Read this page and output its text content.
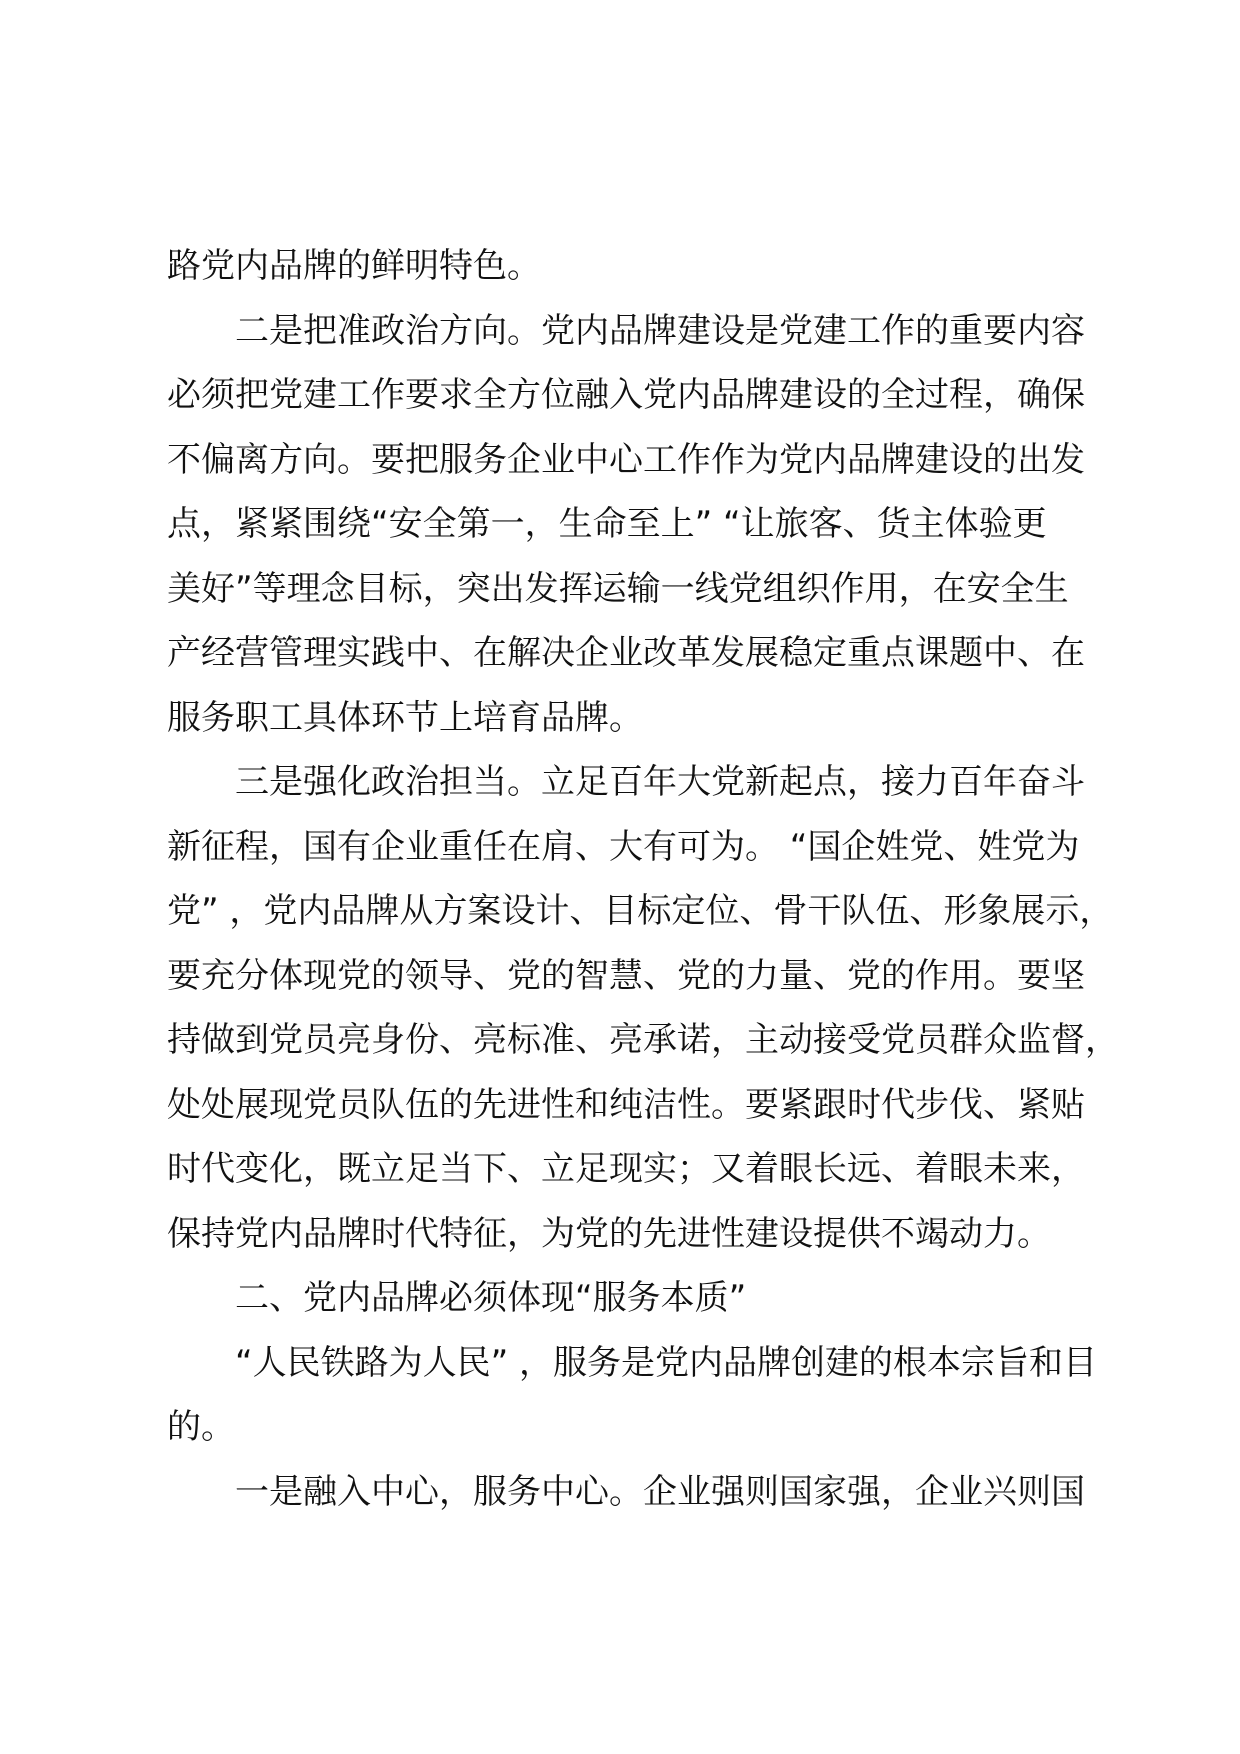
路党内品牌的鲜明特色。
二是把准政治方向。党内品牌建设是党建工作的重要内容
必须把党建工作要求全方位融入党内品牌建设的全过程，确保
不偏离方向。要把服务企业中心工作作为党内品牌建设的出发
点，紧紧围绕“安全第一，生命至上” “让旅客、货主体验更
美好”等理念目标，突出发挥运输一线党组织作用，在安全生
产经营管理实践中、在解决企业改革发展稳定重点课题中、在
服务职工具体环节上培育品牌。
三是强化政治担当。立足百年大党新起点，接力百年奋斗
新征程，国有企业重任在肩、大有可为。 “国企姓党、姓党为
党” ，党内品牌从方案设计、目标定位、骨干队伍、形象展示，
要充分体现党的领导、党的智慧、党的力量、党的作用。要坚
持做到党员亮身份、亮标准、亮承诺，主动接受党员群众监督，
处处展现党员队伍的先进性和纯洁性。要紧跟时代步伐、紧贴
时代变化，既立足当下、立足现实；又着眼长远、着眼未来，
保持党内品牌时代特征，为党的先进性建设提供不竭动力。
二、党内品牌必须体现“服务本质”
“人民铁路为人民” ，服务是党内品牌创建的根本宗旨和目
的。
一是融入中心，服务中心。企业强则国家强，企业兴则国
